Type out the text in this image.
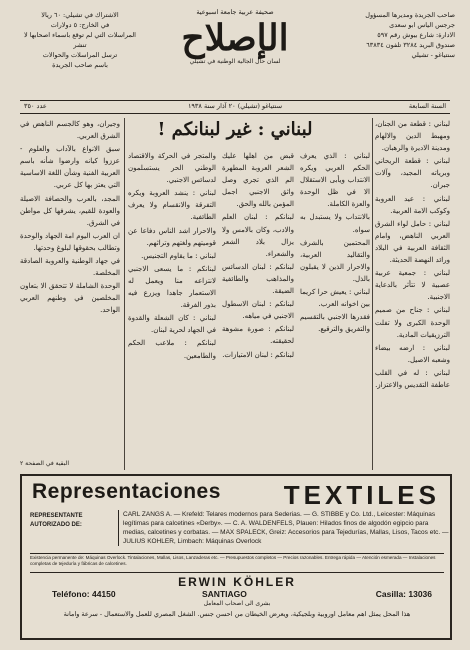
الاشتراك في تشيلي: ٦٠ ريالا
في الخارج: ٥ دولارات
المراسلات التي لم توقع باسماء اصحابها لا تنشر
ترسل المراسلات والحوالات
باسم صاحب الجريدة
صحيفة عربية جامعة اسبوعية
الإصلاح
لسان حال الجالية الوطنية في تشيلي
صاحب الجريدة ومديرها المسؤول
جرجس الياس ابو سعدى
الادارة: شارع بيوش رقم ٥٩٧
صندوق البريد ٣٢٨٤ تلفون ٦٣٨٣٤
سنتياغو - تشيلي
السنة السابعة
سنتياغو (تشيلي) ٢٠ آذار سنة ١٩٣٨
عدد ٣٥٠
لبناني : غير لبنانكم !	لبناني : قطعة من الجنان، ومهبط الدين والالهام ومدينة الاديرة والرهبان.

لبناني : قطعة الريحاني وبرياته المجيد، وآلات جبران.

لبناني : عيد العروبة وكوكب الامة العربية.

لبناني : حامل لواء الشرق العربي الناهض، وامام الثقافة العربية في البلاد ورائد النهضة الحديثة.

لبناني : جمعية عربية عصبية لا تتأثر بالدعاية الاجنبية.

لبناني : جناح من صميم الوحدة الكبرى ولا تفلت الترزيقيات المادية.

لبناني : ارضه بيضاء وشعبه الاصيل.

لبناني : له في القلب عاطفة التقديس والاعتزاز.

لبناني : الذي يعرف الحكم العربي ويكره الانتداب ويأبى الاستقلال الا في ظل الوحدة والعزة الكاملة.

بالانتداب ولا يستبدل به سواه.

المحتمين بالشرف والتقاليد العربية، والاحرار الذين لا يقبلون بالذل.

لبناني : يعيش حرا كريما بين اخوانه العرب.

فقدرها الاجنبي بالتقسيم والتفريق والترقيع.

قبض من اهلها عليك الشعر العروبة المطهرة الم الذي تجري وصل واثق الاجنبي اجمل المؤمن بالله والحق.

لبنانكم : لبنان العلم والادب، وكان بالامس ولا يزال بلاد الشعر والشعراء.

لبنانكم : لبنان الدسائس والمذاهب والطائفية الضيقة.

لبنانكم : لبنان الاسطول الاجنبي في مياهه.

لبنانكم : صورة مشوهة لحقيقته.

لبنانكم : لبنان الامتيازات.

والمتجر في الحركة والاقتصاد الوطني الحر يستسلمون لدسائس الاجنبي.

لبناني : ينشد العروبة ويكره التفرقة والانقسام ولا يعرف الطائفية.

والاحرار اشد الناس دفاعا عن قوميتهم ولغتهم وتراثهم.

لبناني : ما يقاوم التجنيس.

لبنانكم : ما يسعى الاجنبي لانتزاعه منا ويعمل له الاستعمار جاهدا ويزرع فيه بذور الفرقة.

لبناني : كان الشعلة والقدوة في الجهاد لحرية لبنان.

لبنانكم : ملاعب الحكم والطامعين.

وجيران، وهو كالجسم الناهض في الشرق العربي.

سبق الانواع بالآداب والعلوم - عززوا كيانه وارضوا شأنه باسم العربية الفنية وشأن اللغة الاساسية التي يعتز بها كل عربي.

المجد، بالعرب والحصافة الاصيلة والعودة للقيم، يشرفها كل مواطن في الشرق.

ان العرب اليوم امة الجهاد والوحدة وتطالب بحقوقها لبلوغ وحدتها.

في جهاد الوطنية والعروبة الصادقة المخلصة.

الوحدة الشاملة لا تتحقق الا بتعاون المخلصين في وطنهم العربي الواحد.

البقية في الصفحة ٢
Representaciones TEXTILES
REPRESENTANTE
AUTORIZADO DE:
CARL ZANGS A. — Krefeld: Telares modernos para Sederias. — G. STIBBE y Co. Ltd., Leicester: Máquinas legítimas para calcetines «Derby». — C. A. WALDENFELS, Plauen: Hilados finos de algodón egipcio para medias, calcetines y corbatas. — MAX SPALECK, Greiz: Accesorios para Tejedurías, Mallas, Lisos, Tacos etc. — JULIUS KOHLER, Limbach: Máquinas Overlock
Existencia permanente de: Máquinas Overlock. Tintalaciones, Mallas, Lisos, Lanzaderas etc. — Presupuestos completos — Precios razonables. Entrega rápida — Atención esmerada — Instalaciones completas de tejeduría y fábricas de calcetines.
ERWIN KÖHLER
Teléfono: 44150	SANTIAGO	Casilla: 13036
بشرى الى اصحاب المعامل
هذا المحل يمثل اهم معامل اوروبية وبلجيكية، ويعرض الخيطان من احسن جنس. الشغل المصري للعمل والاستعمال - سرعة وامانة
